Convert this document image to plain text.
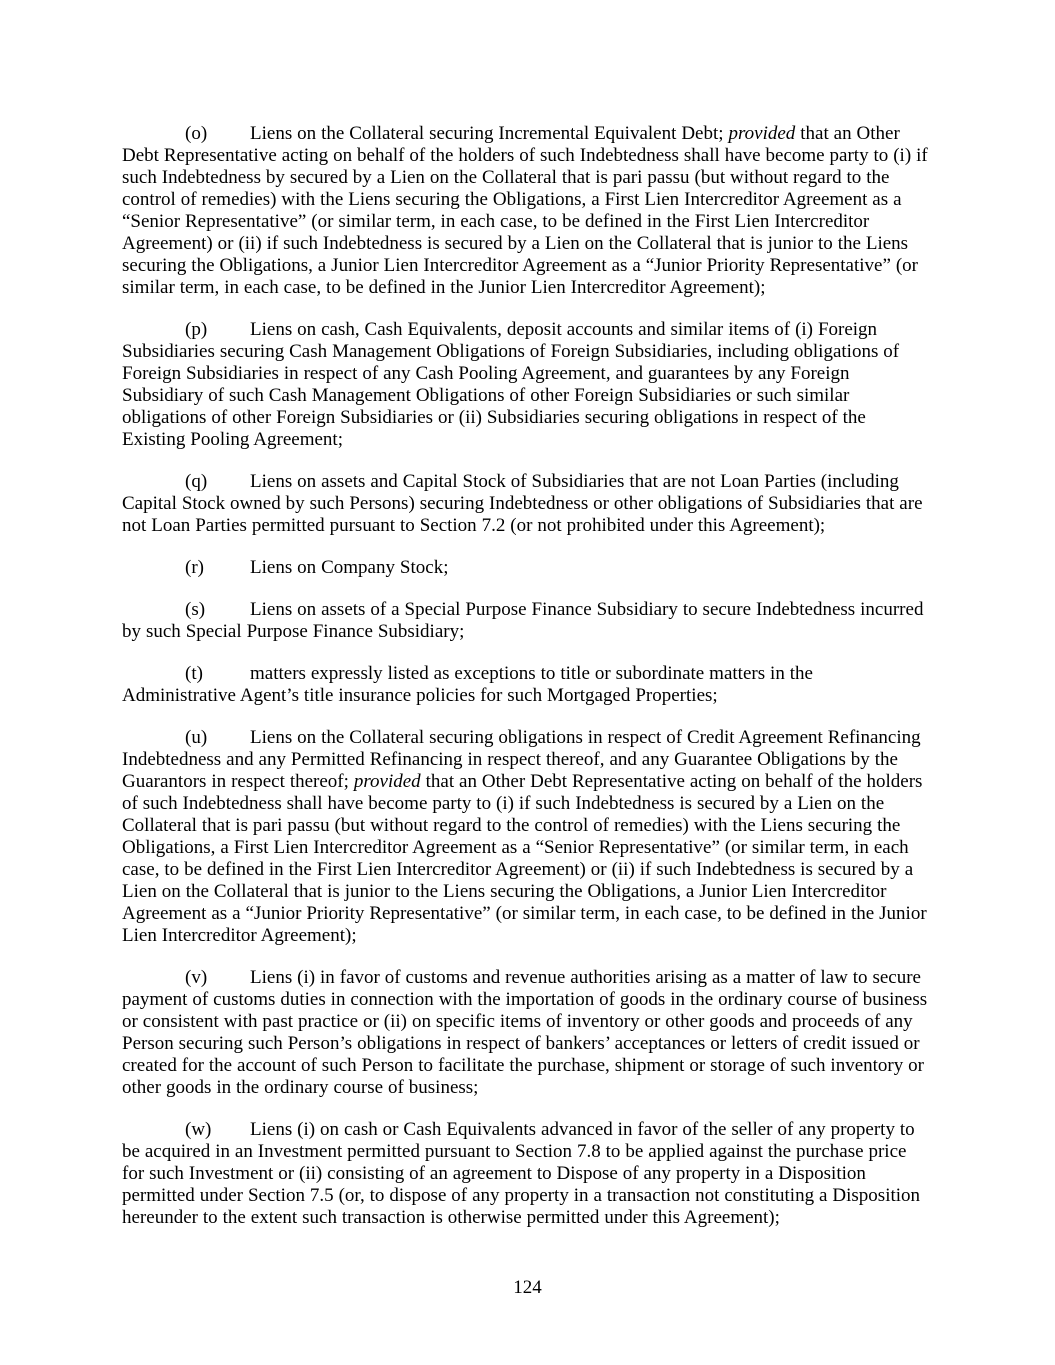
(o) Liens on the Collateral securing Incremental Equivalent Debt; provided that an Other Debt Representative acting on behalf of the holders of such Indebtedness shall have become party to (i) if such Indebtedness by secured by a Lien on the Collateral that is pari passu (but without regard to the control of remedies) with the Liens securing the Obligations, a First Lien Intercreditor Agreement as a “Senior Representative” (or similar term, in each case, to be defined in the First Lien Intercreditor Agreement) or (ii) if such Indebtedness is secured by a Lien on the Collateral that is junior to the Liens securing the Obligations, a Junior Lien Intercreditor Agreement as a “Junior Priority Representative” (or similar term, in each case, to be defined in the Junior Lien Intercreditor Agreement);

(p) Liens on cash, Cash Equivalents, deposit accounts and similar items of (i) Foreign Subsidiaries securing Cash Management Obligations of Foreign Subsidiaries, including obligations of Foreign Subsidiaries in respect of any Cash Pooling Agreement, and guarantees by any Foreign Subsidiary of such Cash Management Obligations of other Foreign Subsidiaries or such similar obligations of other Foreign Subsidiaries or (ii) Subsidiaries securing obligations in respect of the Existing Pooling Agreement;

(q) Liens on assets and Capital Stock of Subsidiaries that are not Loan Parties (including Capital Stock owned by such Persons) securing Indebtedness or other obligations of Subsidiaries that are not Loan Parties permitted pursuant to Section 7.2 (or not prohibited under this Agreement);

(r) Liens on Company Stock;

(s) Liens on assets of a Special Purpose Finance Subsidiary to secure Indebtedness incurred by such Special Purpose Finance Subsidiary;

(t) matters expressly listed as exceptions to title or subordinate matters in the Administrative Agent’s title insurance policies for such Mortgaged Properties;

(u) Liens on the Collateral securing obligations in respect of Credit Agreement Refinancing Indebtedness and any Permitted Refinancing in respect thereof, and any Guarantee Obligations by the Guarantors in respect thereof; provided that an Other Debt Representative acting on behalf of the holders of such Indebtedness shall have become party to (i) if such Indebtedness is secured by a Lien on the Collateral that is pari passu (but without regard to the control of remedies) with the Liens securing the Obligations, a First Lien Intercreditor Agreement as a “Senior Representative” (or similar term, in each case, to be defined in the First Lien Intercreditor Agreement) or (ii) if such Indebtedness is secured by a Lien on the Collateral that is junior to the Liens securing the Obligations, a Junior Lien Intercreditor Agreement as a “Junior Priority Representative” (or similar term, in each case, to be defined in the Junior Lien Intercreditor Agreement);

(v) Liens (i) in favor of customs and revenue authorities arising as a matter of law to secure payment of customs duties in connection with the importation of goods in the ordinary course of business or consistent with past practice or (ii) on specific items of inventory or other goods and proceeds of any Person securing such Person’s obligations in respect of bankers’ acceptances or letters of credit issued or created for the account of such Person to facilitate the purchase, shipment or storage of such inventory or other goods in the ordinary course of business;

(w) Liens (i) on cash or Cash Equivalents advanced in favor of the seller of any property to be acquired in an Investment permitted pursuant to Section 7.8 to be applied against the purchase price for such Investment or (ii) consisting of an agreement to Dispose of any property in a Disposition permitted under Section 7.5 (or, to dispose of any property in a transaction not constituting a Disposition hereunder to the extent such transaction is otherwise permitted under this Agreement);

124
